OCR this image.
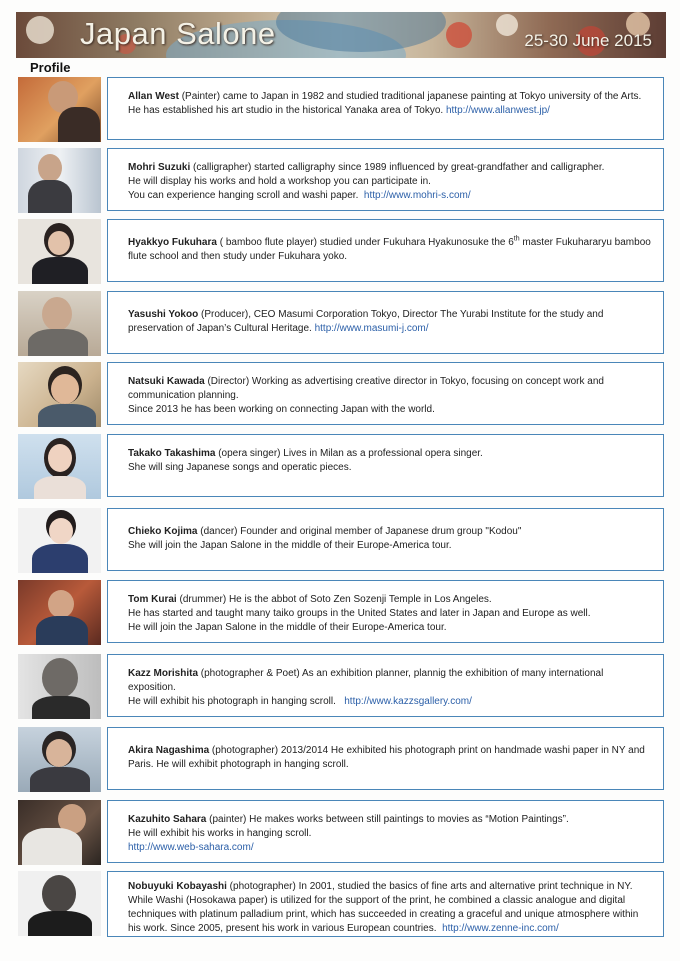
Japan Salone	25-30 June 2015
Profile
Allan West (Painter) came to Japan in 1982 and studied traditional japanese painting at Tokyo university of the Arts.
He has established his art studio in the historical Yanaka area of Tokyo. http://www.allanwest.jp/
Mohri Suzuki (calligrapher) started calligraphy since 1989 influenced by great-grandfather and calligrapher.
He will display his works and hold a workshop you can participate in.
You can experience hanging scroll and washi paper. http://www.mohri-s.com/
Hyakkyo Fukuhara ( bamboo flute player) studied under Fukuhara Hyakunosuke the 6th master Fukuhararyu bamboo flute school and then study under Fukuhara yoko.
Yasushi Yokoo (Producer), CEO Masumi Corporation Tokyo, Director The Yurabi Institute for the study and preservation of Japan’s Cultural Heritage. http://www.masumi-j.com/
Natsuki Kawada (Director) Working as advertising creative director in Tokyo, focusing on concept work and communication planning.
Since 2013 he has been working on connecting Japan with the world.
Takako Takashima (opera singer) Lives in Milan as a professional opera singer.
She will sing Japanese songs and operatic pieces.
Chieko Kojima (dancer) Founder and original member of Japanese drum group "Kodou"
She will join the Japan Salone in the middle of their Europe-America tour.
Tom Kurai (drummer) He is the abbot of Soto Zen Sozenji Temple in Los Angeles.
He has started and taught many taiko groups in the United States and later in Japan and Europe as well.
He will join the Japan Salone in the middle of their Europe-America tour.
Kazz Morishita (photographer & Poet) As an exhibition planner, plannig the exhibition of many international exposition.
He will exhibit his photograph in hanging scroll. http://www.kazzsgallery.com/
Akira Nagashima (photographer) 2013/2014 He exhibited his photograph print on handmade washi paper in NY and Paris. He will exhibit photograph in hanging scroll.
Kazuhito Sahara (painter) He makes works between still paintings to movies as “Motion Paintings”.
He will exhibit his works in hanging scroll.
http://www.web-sahara.com/
Nobuyuki Kobayashi (photographer) In 2001, studied the basics of fine arts and alternative print technique in NY. While Washi (Hosokawa paper) is utilized for the support of the print, he combined a classic analogue and digital techniques with platinum palladium print, which has succeeded in creating a graceful and unique atmosphere within his work. Since 2005, present his work in various European countries. http://www.zenne-inc.com/
